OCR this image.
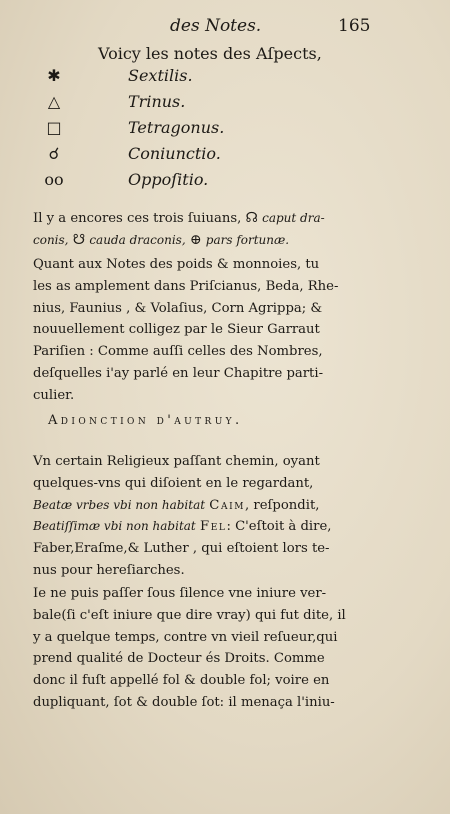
des Notes.	165
Voicy les notes des Aſpects,
✱	Sextilis.
△	Trinus.
□	Tetragonus.
☌	Coniunctio.
oo	Oppoſitio.

Il y a encores ces trois ſuiuans, ☊ caput dra-
conis, ☋ cauda draconis, ⊕ pars fortunæ.

Quant aux Notes des poids & monnoies, tu
les as amplement dans Priſcianus, Beda, Rhe-
nius, Faunius , & Volaſius, Corn Agrippa; &
nouuellement colligez par le Sieur Garraut
Pariſien : Comme auſſi celles des Nombres,
deſquelles i'ay parlé en leur Chapitre parti-
culier.

Adionction d'autruy.

Vn certain Religieux paſſant chemin, oyant
quelques-vns qui diſoient en le regardant,
Beatæ vrbes vbi non habitat Caim, reſpondit,
Beatiſſimæ vbi non habitat Fel: C'eſtoit à dire,
Faber,Eraſme,& Luther , qui eſtoient lors te-
nus pour hereſiarches.

Ie ne puis paſſer ſous ſilence vne iniure ver-
bale(ſi c'eſt iniure que dire vray) qui fut dite, il
y a quelque temps, contre vn vieil reſueur,qui
prend qualité de Docteur és Droits. Comme
donc il fuſt appellé fol & double fol; voire en
dupliquant, ſot & double ſot: il menaça l'iniu-
